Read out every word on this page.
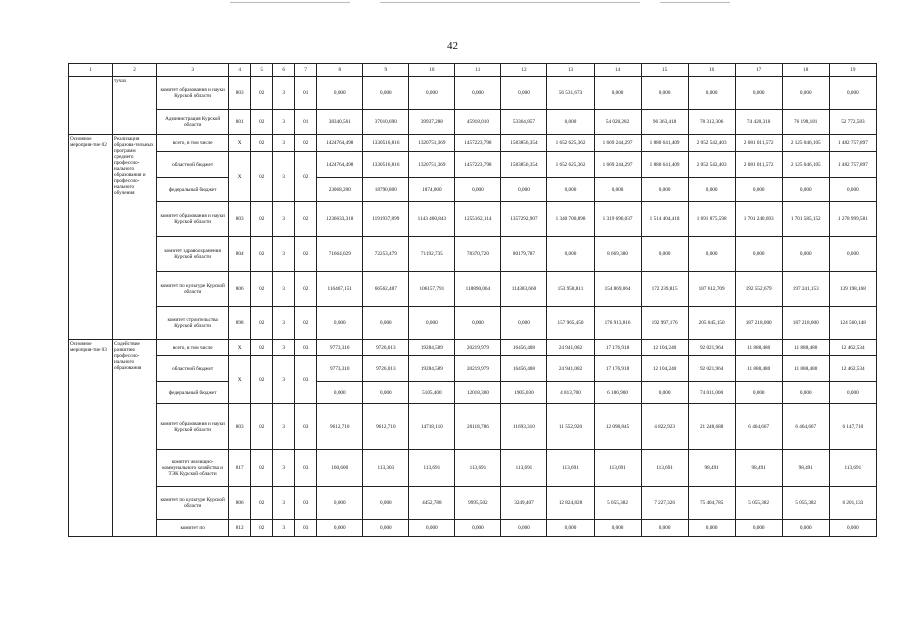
42
1	2	3	4	5	6	7	8	9	10	11	12	13	14	15	16	17	18	19
	тучах	комитет образования и науки Курской области	803	02	3	01	0,000	0,000	0,000	0,000	0,000	56 531,673	0,000	0,000	0,000	0,000	0,000	0,000
		Администрация Курской области	801	02	3	01	38340,561	37010,690	39937,288	45918,010	53364,857	0,000	54 028,282	96 363,418	78 312,306	74 420,310	76 198,181	52 772,583
Основное мероприя-тие 02	Реализация образова-тельных программ среднего профессио-нального образования и профессио-нального обучения	всего, в том числе	X	02	3	02	1424764,498	1330516,816	1320751,369	1457223,798	1583856,354	1 652 625,362	1 669 244,297	1 880 641,409	2 052 542,403	2 081 011,572	2 125 046,105	1 482 757,897
		областной бюджет	X	02	3	02	1424764,498	1330516,816	1320751,369	1457223,798	1583856,354	1 652 625,362	1 669 244,297	1 880 641,409	2 052 542,403	2 081 011,572	2 125 046,105	1 482 757,897
		федеральный бюджет					23068,200	18790,800	1874,000	0,000	0,000	0,000	0,000	0,000	0,000	0,000	0,000	0,000
		комитет образования и науки Курской области	803	02	3	02	1236633,318	1191937,899	1143 400,843	1255162,114	1357292,907	1 340 700,898	1 319 696,037	1 514 404,418	1 691 875,598	1 701 240,693	1 701 585,152	1 278 999,581
		комитет здравоохранения Курской области	804	02	3	02	71664,029	72253,479	71192,735	78370,720	80179,787	0,000	8 669,380	0,000	0,000	0,000	0,000	0,000
		комитет по культуре Курской области	806	02	3	02	116467,151	66562,487	106157,791	118890,064	114383,660	153 958,811	154 869,064	172 239,815	187 612,709	192 552,679	197 241,153	139 198,168
		комитет строительства Курской области	898	02	3	02	0,000	0,000	0,000	0,000	0,000	157 965,450	176 913,816	192 997,176	205 045,150	187 218,000	187 218,000	124 560,148
Основное мероприя-тие 03	Содействие развитию профессио-нального образования	всего, в том числе	X	02	3	03	9773,310	9726,013	19284,589	20219,979	16456,408	24 941,082	17 176,918	12 104,240	92 021,964	11 888,480	11 888,480	12 462,534
		областной бюджет	X	02	3	03	9773,310	9726,013	19284,589	20219,979	16456,408	24 941,082	17 176,918	12 104,240	92 021,964	11 888,480	11 888,480	12 462,534
		федеральный бюджет					0,000	0,000	5105,400	12018,300	1905,030	4 813,700	6 186,900	0,000	74 011,000	0,000	0,000	0,000
		комитет образования и науки Курской области	803	02	3	03	9612,710	9612,710	14718,110	20118,786	11693,310	11 552,920	12 098,845	4 822,923	21 248,688	6 464,667	6 464,667	6 147,710
		комитет жилищно-коммунального хозяйства и ТЭК Курской области	817	02	3	03	160,600	113,303	113,691	113,691	113,691	113,691	113,691	113,691	98,491	98,491	98,491	113,691
		комитет по культуре Курской области	806	02	3	03	0,000	0,000	4452,788	9995,502	3249,407	12 824,828	5 055,382	7 227,326	75 404,785	5 055,382	5 055,382	6 201,133
		комитет по	812	02	3	03	0,000	0,000	0,000	0,000	0,000	0,000	0,000	0,000	0,000	0,000	0,000	0,000
